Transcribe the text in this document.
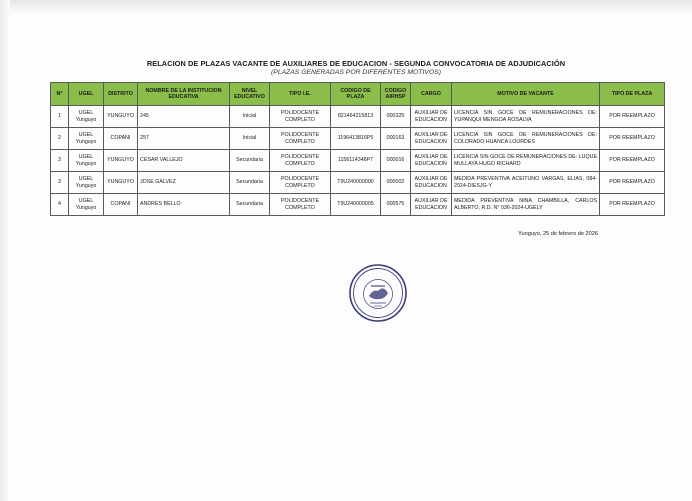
RELACION DE PLAZAS VACANTE DE AUXILIARES DE EDUCACION - SEGUNDA CONVOCATORIA DE ADJUDICACIÓN
(PLAZAS GENERADAS POR DIFERENTES MOTIVOS)
N°	UGEL	DISTRITO	NOMBRE DE LA INSTITUCION EDUCATIVA	NIVEL EDUCATIVO	TIPO I.E.	CODIGO DE PLAZA	CODIGO AIRHSP	CARGO	MOTIVO DE VACANTE	TIPO DE PLAZA
1	UGEL Yunguyo	YUNGUYO	245	Inicial	POLIDOCENTE COMPLETO	821464215813	000325	AUXILIAR DE EDUCACION	LICENCIA SIN GOCE DE REMUNERACIONES DE: YUPANQUI MENGOA ROSALVA	POR REEMPLAZO
2	UGEL Yunguyo	COPANI	257	Inicial	POLIDOCENTE COMPLETO	1196413816P5	000163	AUXILIAR DE EDUCACION	LICENCIA SIN GOCE DE REMUNERACIONES DE: COLORADO HUANCA LOURDES	POR REEMPLAZO
3	UGEL Yunguyo	YUNGUYO	CESAR VALLEJO	Secundaria	POLIDOCENTE COMPLETO	1156114348P7	000016	AUXILIAR DE EDUCACION	LICENCIA SIN GOCE DE REMUNERACIONES DE: LUQUE MULLAYA HUGO RICHARD	POR REEMPLAZO
3	UGEL Yunguyo	YUNGUYO	JOSE GALVEZ	Secundaria	POLIDOCENTE COMPLETO	T9U240000000	000002	AUXILIAR DE EDUCACION	MEDIDA PREVENTIVA ACEITUNO VARGAS, ELIAS, 084-2024-DIESJG-Y	POR REEMPLAZO
4	UGEL Yunguyo	COPANI	ANDRES BELLO	Secundaria	POLIDOCENTE COMPLETO	T9U240000005	000575	AUXILIAR DE EDUCACION	MEDIDA PREVENTIVA NINA CHAMBILLA, CARLOS ALBERTO, R.D. N° 036-2024-UGELY	POR REEMPLAZO
Yunguyo, 25 de febrero de 2026
· · · · · · · · · · · · · · ·
